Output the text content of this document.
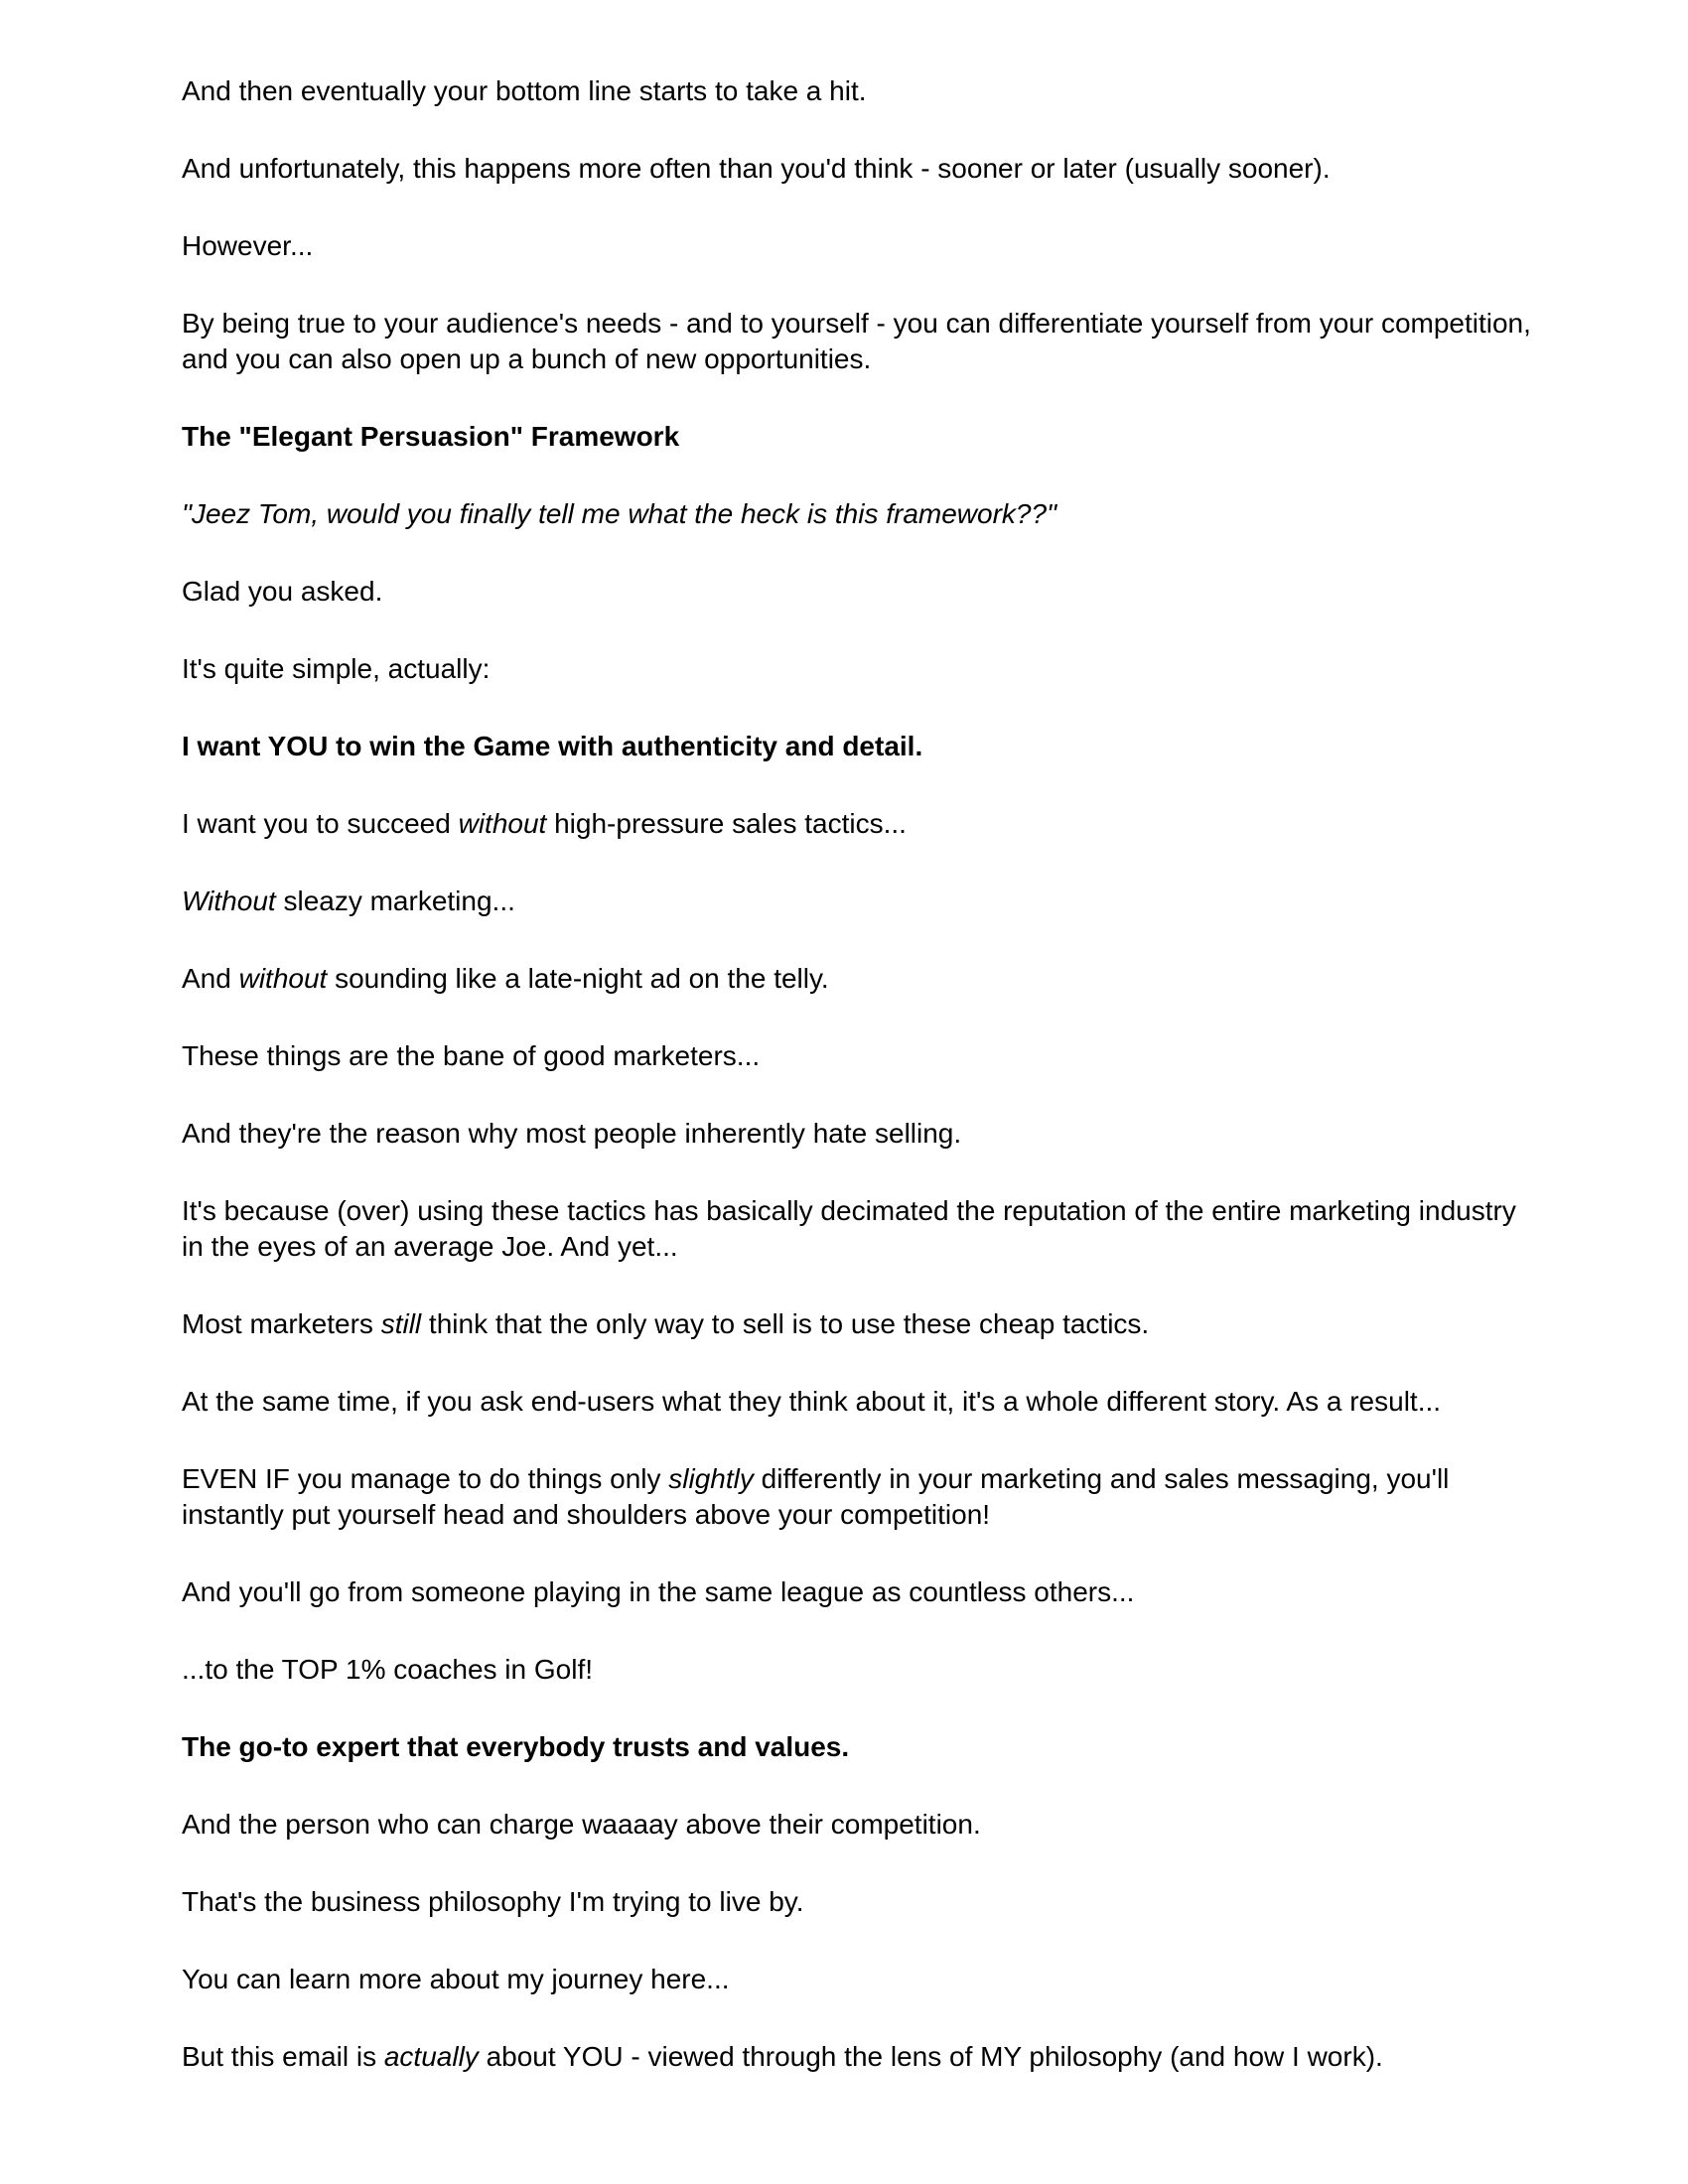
And then eventually your bottom line starts to take a hit.

And unfortunately, this happens more often than you'd think - sooner or later (usually sooner).

However...

By being true to your audience's needs - and to yourself - you can differentiate yourself from your competition, and you can also open up a bunch of new opportunities.

The "Elegant Persuasion" Framework

"Jeez Tom, would you finally tell me what the heck is this framework??"

Glad you asked.

It's quite simple, actually:

I want YOU to win the Game with authenticity and detail.

I want you to succeed without high-pressure sales tactics...

Without sleazy marketing...

And without sounding like a late-night ad on the telly.

These things are the bane of good marketers...

And they're the reason why most people inherently hate selling.

It's because (over) using these tactics has basically decimated the reputation of the entire marketing industry in the eyes of an average Joe. And yet...

Most marketers still think that the only way to sell is to use these cheap tactics.

At the same time, if you ask end-users what they think about it, it's a whole different story. As a result...

EVEN IF you manage to do things only slightly differently in your marketing and sales messaging, you'll instantly put yourself head and shoulders above your competition!

And you'll go from someone playing in the same league as countless others...

...to the TOP 1% coaches in Golf!

The go-to expert that everybody trusts and values.

And the person who can charge waaaay above their competition.

That's the business philosophy I'm trying to live by.

You can learn more about my journey here...

But this email is actually about YOU - viewed through the lens of MY philosophy (and how I work).
